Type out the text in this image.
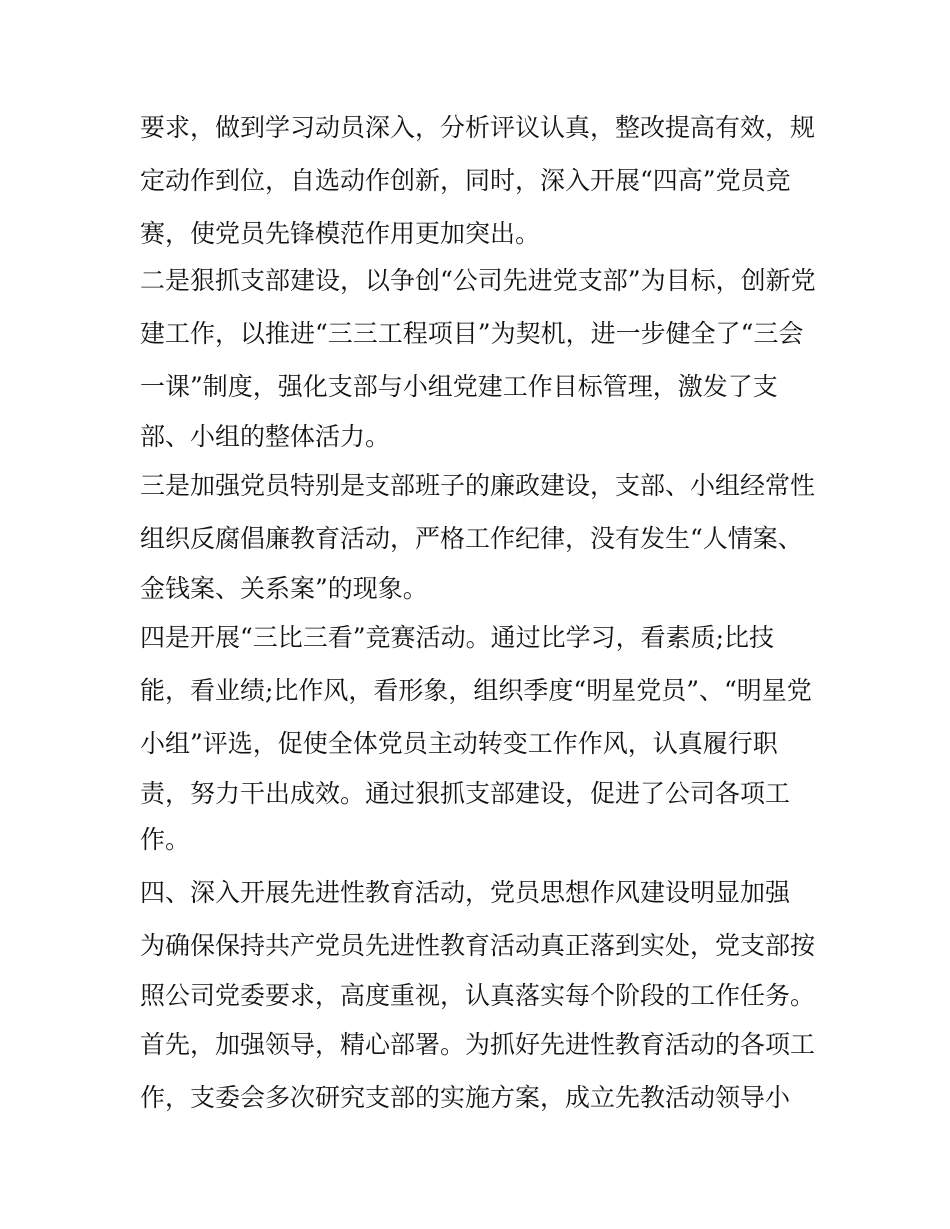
要求，做到学习动员深入，分析评议认真，整改提高有效，规

定动作到位，自选动作创新，同时，深入开展“四高”党员竞

赛，使党员先锋模范作用更加突出。

二是狠抓支部建设，以争创“公司先进党支部”为目标，创新党

建工作，以推进“三三工程项目”为契机，进一步健全了“三会

一课”制度，强化支部与小组党建工作目标管理，激发了支

部、小组的整体活力。

三是加强党员特别是支部班子的廉政建设，支部、小组经常性

组织反腐倡廉教育活动，严格工作纪律，没有发生“人情案、

金钱案、关系案”的现象。

四是开展“三比三看”竞赛活动。通过比学习，看素质;比技

能，看业绩;比作风，看形象，组织季度“明星党员”、“明星党

小组”评选，促使全体党员主动转变工作作风，认真履行职

责，努力干出成效。通过狠抓支部建设，促进了公司各项工

作。

四、深入开展先进性教育活动，党员思想作风建设明显加强

为确保保持共产党员先进性教育活动真正落到实处，党支部按

照公司党委要求，高度重视，认真落实每个阶段的工作任务。

首先，加强领导，精心部署。为抓好先进性教育活动的各项工

作，支委会多次研究支部的实施方案，成立先教活动领导小
